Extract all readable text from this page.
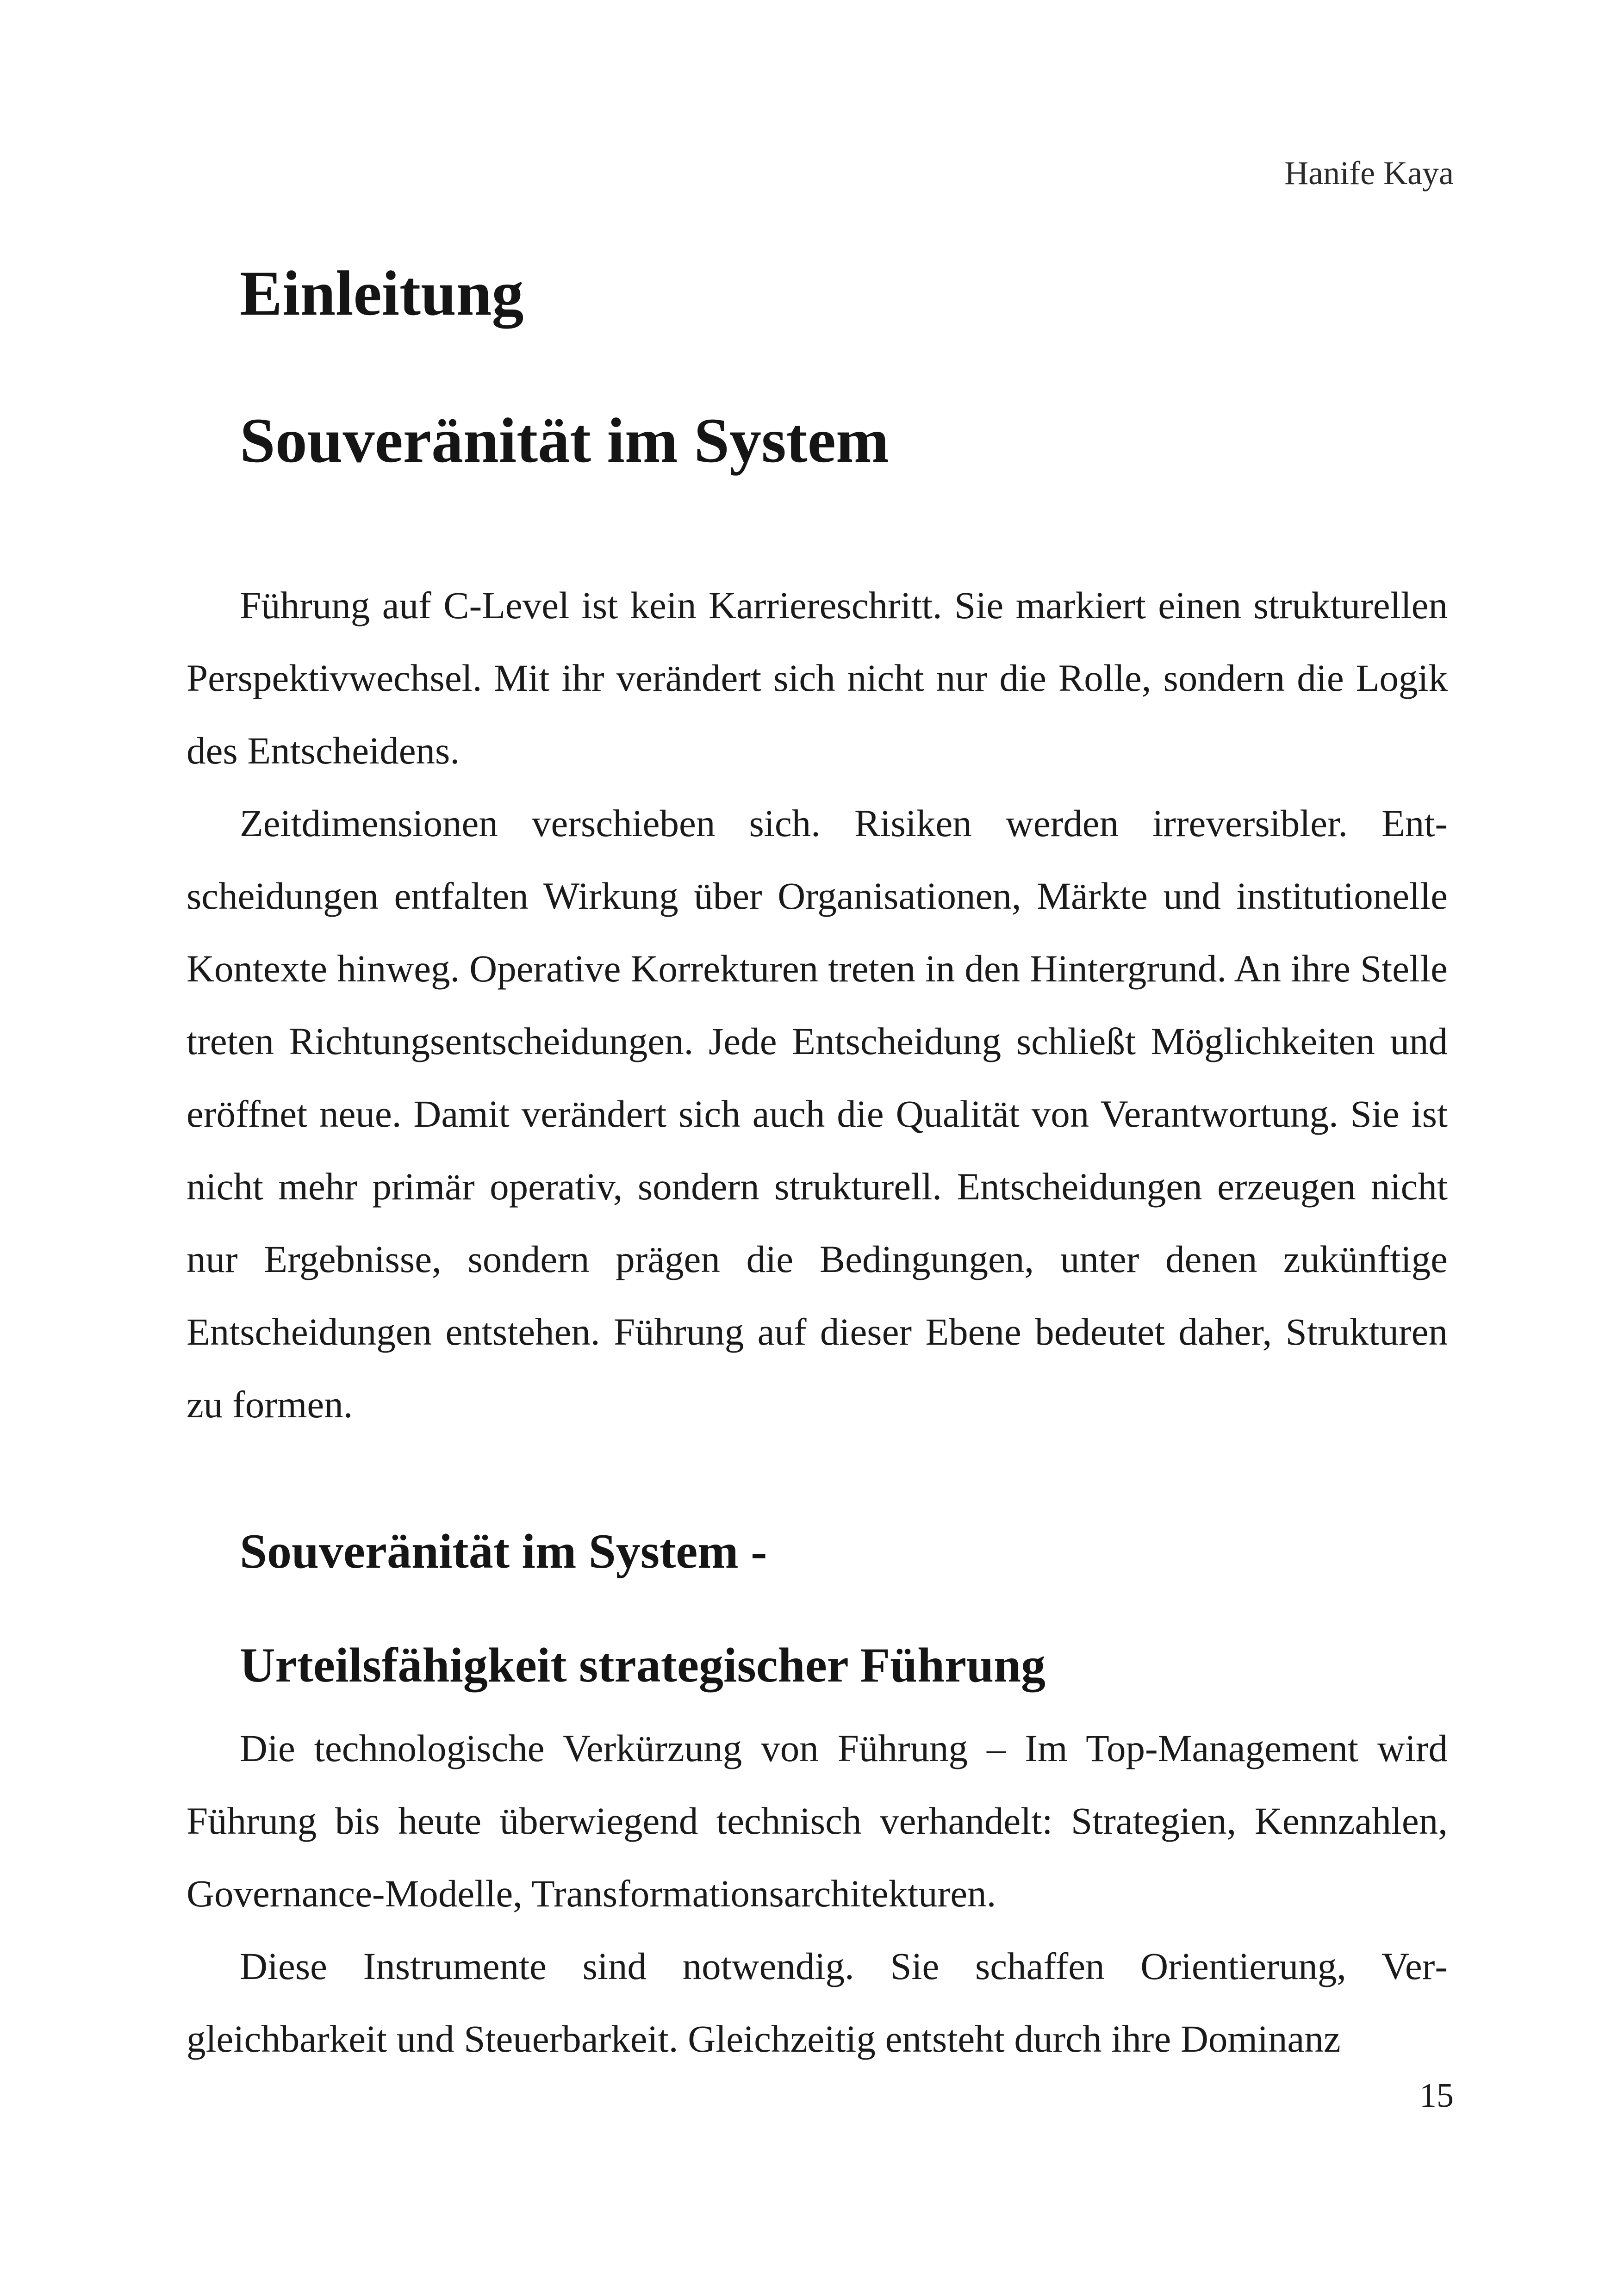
Hanife Kaya
Einleitung
Souveränität im System

Führung auf C-Level ist kein Karriereschritt. Sie markiert einen strukturellen Perspektivwechsel. Mit ihr verändert sich nicht nur die Rolle, sondern die Logik des Entscheidens.

Zeitdimensionen verschieben sich. Risiken werden irreversibler. Entscheidungen entfalten Wirkung über Organisationen, Märkte und institutionelle Kontexte hinweg. Operative Korrekturen treten in den Hintergrund. An ihre Stelle treten Richtungsentscheidungen. Jede Entscheidung schließt Möglichkeiten und eröffnet neue. Damit verändert sich auch die Qualität von Verantwortung. Sie ist nicht mehr primär operativ, sondern strukturell. Entscheidungen erzeugen nicht nur Ergebnisse, sondern prägen die Bedingungen, unter denen zukünftige Entscheidungen entstehen. Führung auf dieser Ebene bedeutet daher, Strukturen zu formen.

Souveränität im System -
Urteilsfähigkeit strategischer Führung

Die technologische Verkürzung von Führung – Im Top-Management wird Führung bis heute überwiegend technisch verhandelt: Strategien, Kennzahlen, Governance-Modelle, Transformationsarchitekturen.

Diese Instrumente sind notwendig. Sie schaffen Orientierung, Vergleichbarkeit und Steuerbarkeit. Gleichzeitig entsteht durch ihre Dominanz

15
